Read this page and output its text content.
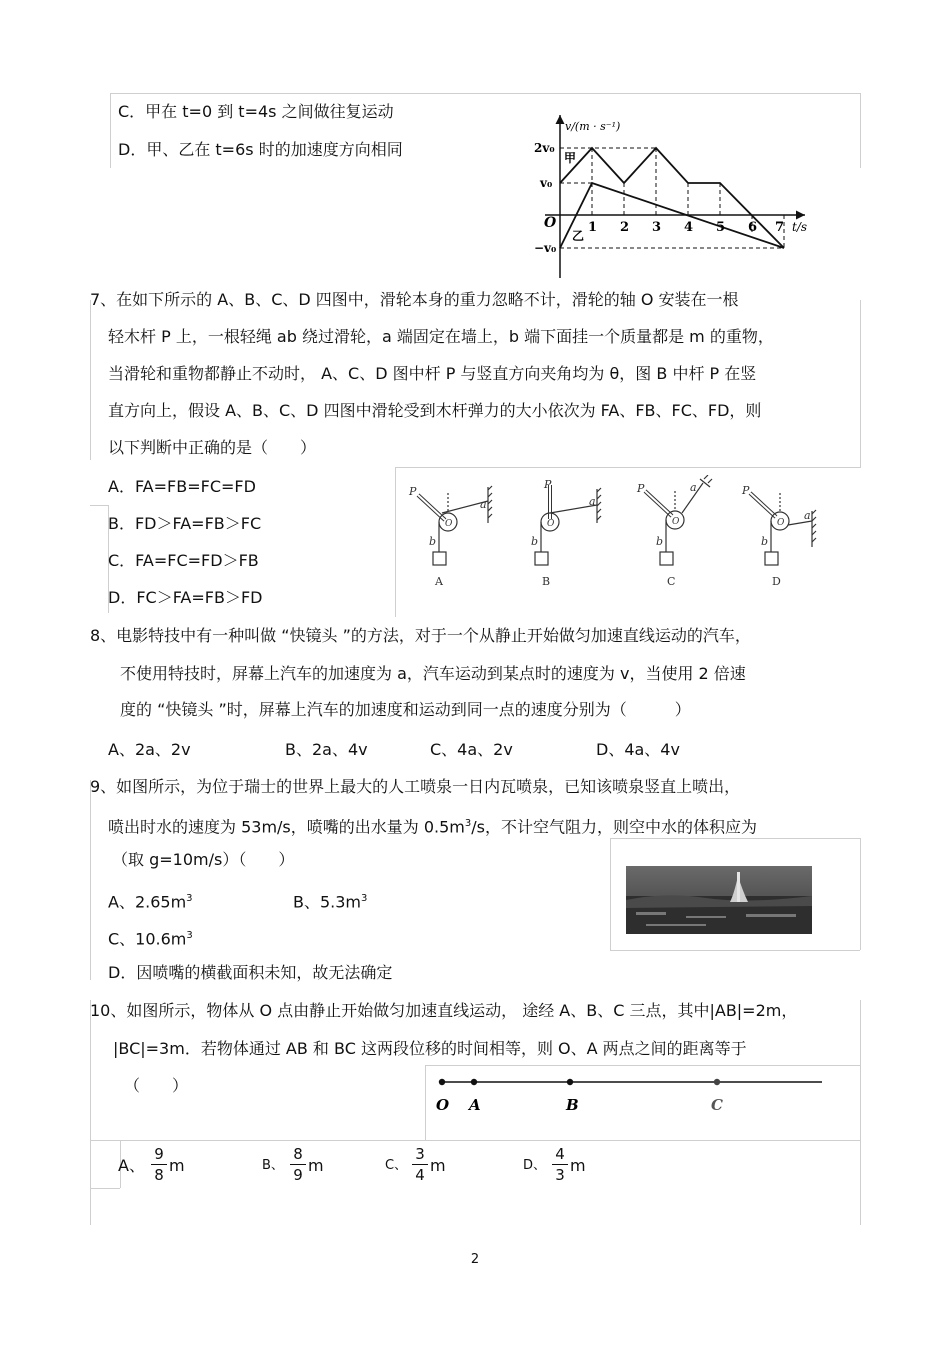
C．甲在 t=0 到 t=4s 之间做往复运动
D．甲、乙在 t=6s 时的加速度方向相同
v/(m · s⁻¹)
t/s
2v₀
v₀
O
−v₀
1 2 3 4 5 6 7
甲
乙
7、在如下所示的 A、B、C、D 四图中，滑轮本身的重力忽略不计，滑轮的轴 O 安装在一根
轻木杆 P 上，一根轻绳 ab 绕过滑轮，a 端固定在墙上，b 端下面挂一个质量都是 m 的重物，
当滑轮和重物都静止不动时， A、C、D 图中杆 P 与竖直方向夹角均为 θ，图 B 中杆 P 在竖
直方向上，假设 A、B、C、D 四图中滑轮受到木杆弹力的大小依次为 FA、FB、FC、FD，则
以下判断中正确的是（　　）
A．FA=FB=FC=FD
B．FD＞FA=FB＞FC
C．FA=FC=FD＞FB
D．FC＞FA=FB＞FD
P
a
b
O
P
a
b
O
P	a
b
O
P
a
b
O
A	B	C	D
8、电影特技中有一种叫做 “快镜头 ”的方法，对于一个从静止开始做匀加速直线运动的汽车，
不使用特技时，屏幕上汽车的加速度为 a，汽车运动到某点时的速度为 v，当使用 2 倍速
度的 “快镜头 ”时，屏幕上汽车的加速度和运动到同一点的速度分别为（　　　）
A、2a、2v	B、2a、4v	C、4a、2v	D、4a、4v
9、如图所示，为位于瑞士的世界上最大的人工喷泉一日内瓦喷泉，已知该喷泉竖直上喷出，
喷出时水的速度为 53m/s，喷嘴的出水量为 $0.5m^3/s$，不计空气阻力，则空中水的体积应为
（取 g=10m/s）（　　）
A、$2.65m^3$	B、$5.3m^3$
C、$10.6m^3$
D．因喷嘴的横截面积未知，故无法确定
10、如图所示，物体从 O 点由静止开始做匀加速直线运动， 途经 A、B、C 三点，其中|AB|=2m，
|BC|=3m．若物体通过 AB 和 BC 这两段位移的时间相等，则 O、A 两点之间的距离等于
（　　）
O A	B	C
A、
9
8 m	B、
8
9 m	C、
3
4 m	D、
4
3 m
2
